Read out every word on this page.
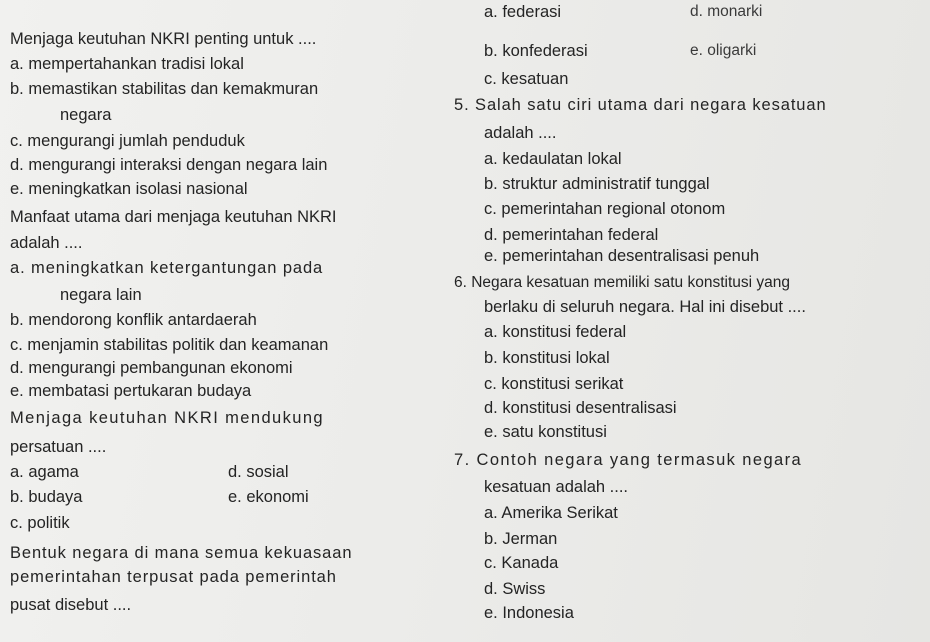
Menjaga keutuhan NKRI penting untuk ....
a. mempertahankan tradisi lokal
b. memastikan stabilitas dan kemakmuran
negara
c. mengurangi jumlah penduduk
d. mengurangi interaksi dengan negara lain
e. meningkatkan isolasi nasional
Manfaat utama dari menjaga keutuhan NKRI
adalah ....
a. meningkatkan ketergantungan pada
negara lain
b. mendorong konflik antardaerah
c. menjamin stabilitas politik dan keamanan
d. mengurangi pembangunan ekonomi
e. membatasi pertukaran budaya
Menjaga keutuhan NKRI mendukung
persatuan ....
a. agama	d. sosial
b. budaya	e. ekonomi
c. politik
Bentuk negara di mana semua kekuasaan
pemerintahan terpusat pada pemerintah
pusat disebut ....
a. federasi	d. monarki
b. konfederasi	e. oligarki
c. kesatuan
5. Salah satu ciri utama dari negara kesatuan
adalah ....
a. kedaulatan lokal
b. struktur administratif tunggal
c. pemerintahan regional otonom
d. pemerintahan federal
e. pemerintahan desentralisasi penuh
6. Negara kesatuan memiliki satu konstitusi yang
berlaku di seluruh negara. Hal ini disebut ....
a. konstitusi federal
b. konstitusi lokal
c. konstitusi serikat
d. konstitusi desentralisasi
e. satu konstitusi
7. Contoh negara yang termasuk negara
kesatuan adalah ....
a. Amerika Serikat
b. Jerman
c. Kanada
d. Swiss
e. Indonesia
